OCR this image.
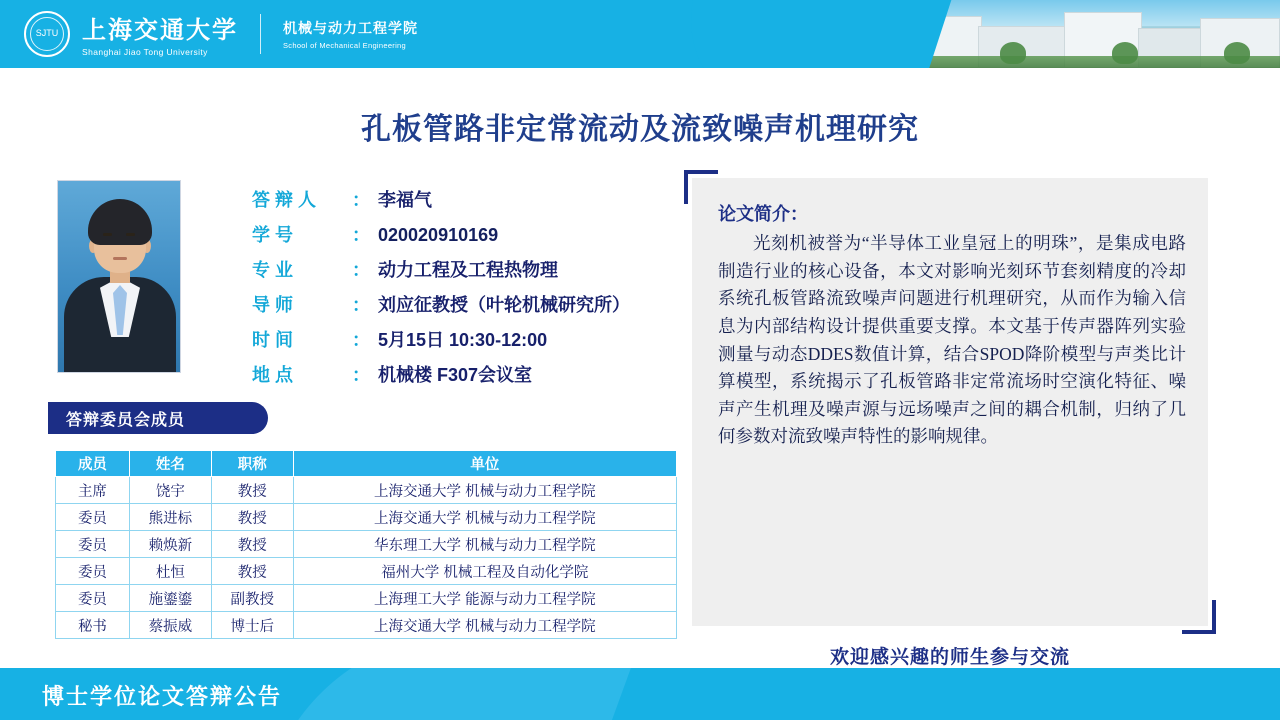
SJTU 上海交通大学
Shanghai Jiao Tong University
机械与动力工程学院
School of Mechanical Engineering
孔板管路非定常流动及流致噪声机理研究
答 辩 人	： 李福气
学 号	： 020020910169
专 业	： 动力工程及工程热物理
导 师	： 刘应征教授（叶轮机械研究所）
时 间	： 5月15日 10:30-12:00
地 点	： 机械楼 F307会议室
答辩委员会成员
成员	姓名	职称	单位
主席	饶宇	教授	上海交通大学 机械与动力工程学院
委员	熊进标	教授	上海交通大学 机械与动力工程学院
委员	赖焕新	教授	华东理工大学 机械与动力工程学院
委员	杜恒	教授	福州大学 机械工程及自动化学院
委员	施鎏鎏	副教授	上海理工大学 能源与动力工程学院
秘书	蔡振威	博士后	上海交通大学 机械与动力工程学院
论文简介：
光刻机被誉为“半导体工业皇冠上的明珠”，是集成电路制造行业的核心设备，本文对影响光刻环节套刻精度的冷却系统孔板管路流致噪声问题进行机理研究，从而作为输入信息为内部结构设计提供重要支撑。本文基于传声器阵列实验测量与动态DDES数值计算，结合SPOD降阶模型与声类比计算模型，系统揭示了孔板管路非定常流场时空演化特征、噪声产生机理及噪声源与远场噪声之间的耦合机制，归纳了几何参数对流致噪声特性的影响规律。
欢迎感兴趣的师生参与交流
博士学位论文答辩公告
